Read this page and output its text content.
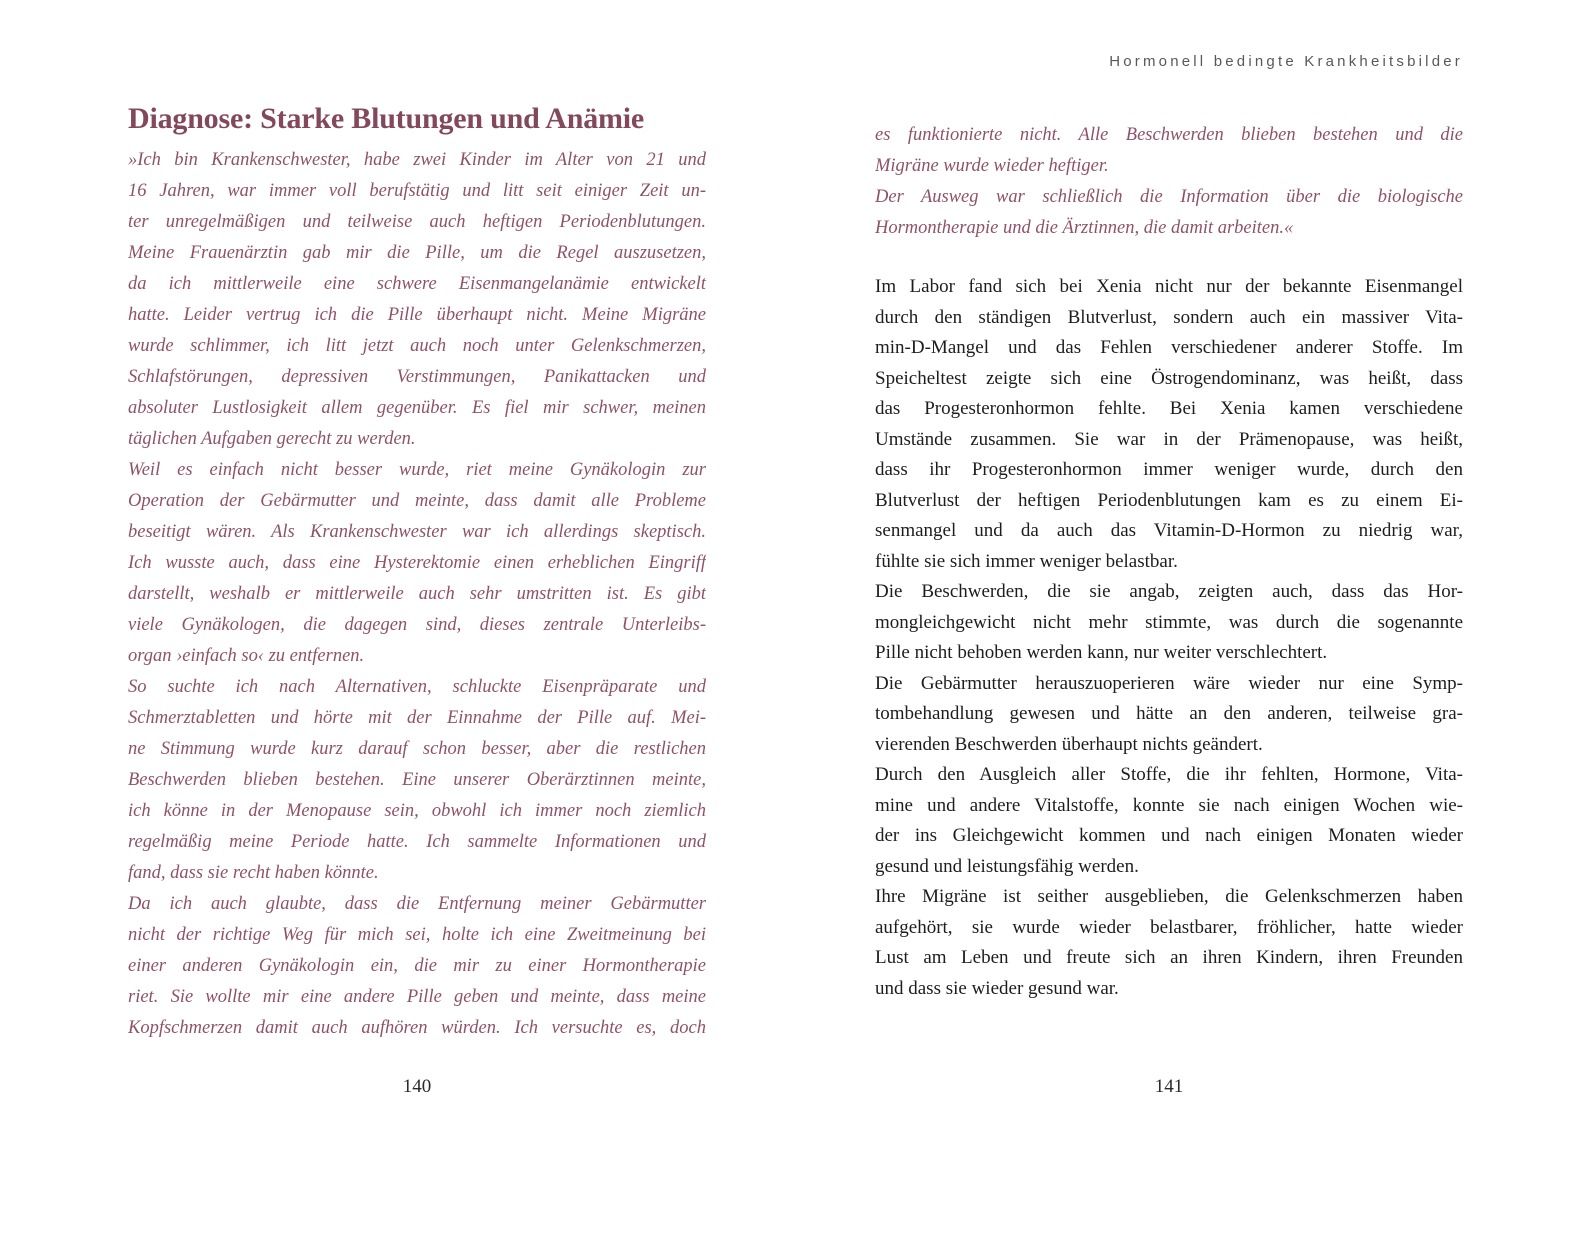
Hormonell bedingte Krankheitsbilder
Diagnose: Starke Blutungen und Anämie
»Ich bin Krankenschwester, habe zwei Kinder im Alter von 21 und
16 Jahren, war immer voll berufstätig und litt seit einiger Zeit un-
ter unregelmäßigen und teilweise auch heftigen Periodenblutungen.
Meine Frauenärztin gab mir die Pille, um die Regel auszusetzen,
da ich mittlerweile eine schwere Eisenmangelanämie entwickelt
hatte. Leider vertrug ich die Pille überhaupt nicht. Meine Migräne
wurde schlimmer, ich litt jetzt auch noch unter Gelenkschmerzen,
Schlafstörungen, depressiven Verstimmungen, Panikattacken und
absoluter Lustlosigkeit allem gegenüber. Es fiel mir schwer, meinen
täglichen Aufgaben gerecht zu werden.
Weil es einfach nicht besser wurde, riet meine Gynäkologin zur
Operation der Gebärmutter und meinte, dass damit alle Probleme
beseitigt wären. Als Krankenschwester war ich allerdings skeptisch.
Ich wusste auch, dass eine Hysterektomie einen erheblichen Eingriff
darstellt, weshalb er mittlerweile auch sehr umstritten ist. Es gibt
viele Gynäkologen, die dagegen sind, dieses zentrale Unterleibs-
organ ›einfach so‹ zu entfernen.
So suchte ich nach Alternativen, schluckte Eisenpräparate und
Schmerztabletten und hörte mit der Einnahme der Pille auf. Mei-
ne Stimmung wurde kurz darauf schon besser, aber die restlichen
Beschwerden blieben bestehen. Eine unserer Oberärztinnen meinte,
ich könne in der Menopause sein, obwohl ich immer noch ziemlich
regelmäßig meine Periode hatte. Ich sammelte Informationen und
fand, dass sie recht haben könnte.
Da ich auch glaubte, dass die Entfernung meiner Gebärmutter
nicht der richtige Weg für mich sei, holte ich eine Zweitmeinung bei
einer anderen Gynäkologin ein, die mir zu einer Hormontherapie
riet. Sie wollte mir eine andere Pille geben und meinte, dass meine
Kopfschmerzen damit auch aufhören würden. Ich versuchte es, doch
es funktionierte nicht. Alle Beschwerden blieben bestehen und die
Migräne wurde wieder heftiger.
Der Ausweg war schließlich die Information über die biologische
Hormontherapie und die Ärztinnen, die damit arbeiten.«
Im Labor fand sich bei Xenia nicht nur der bekannte Eisenmangel
durch den ständigen Blutverlust, sondern auch ein massiver Vita-
min-D-Mangel und das Fehlen verschiedener anderer Stoffe. Im
Speicheltest zeigte sich eine Östrogendominanz, was heißt, dass
das Progesteronhormon fehlte. Bei Xenia kamen verschiedene
Umstände zusammen. Sie war in der Prämenopause, was heißt,
dass ihr Progesteronhormon immer weniger wurde, durch den
Blutverlust der heftigen Periodenblutungen kam es zu einem Ei-
senmangel und da auch das Vitamin-D-Hormon zu niedrig war,
fühlte sie sich immer weniger belastbar.
Die Beschwerden, die sie angab, zeigten auch, dass das Hor-
mongleichgewicht nicht mehr stimmte, was durch die sogenannte
Pille nicht behoben werden kann, nur weiter verschlechtert.
Die Gebärmutter herauszuoperieren wäre wieder nur eine Symp-
tombehandlung gewesen und hätte an den anderen, teilweise gra-
vierenden Beschwerden überhaupt nichts geändert.
Durch den Ausgleich aller Stoffe, die ihr fehlten, Hormone, Vita-
mine und andere Vitalstoffe, konnte sie nach einigen Wochen wie-
der ins Gleichgewicht kommen und nach einigen Monaten wieder
gesund und leistungsfähig werden.
Ihre Migräne ist seither ausgeblieben, die Gelenkschmerzen haben
aufgehört, sie wurde wieder belastbarer, fröhlicher, hatte wieder
Lust am Leben und freute sich an ihren Kindern, ihren Freunden
und dass sie wieder gesund war.
140	141
